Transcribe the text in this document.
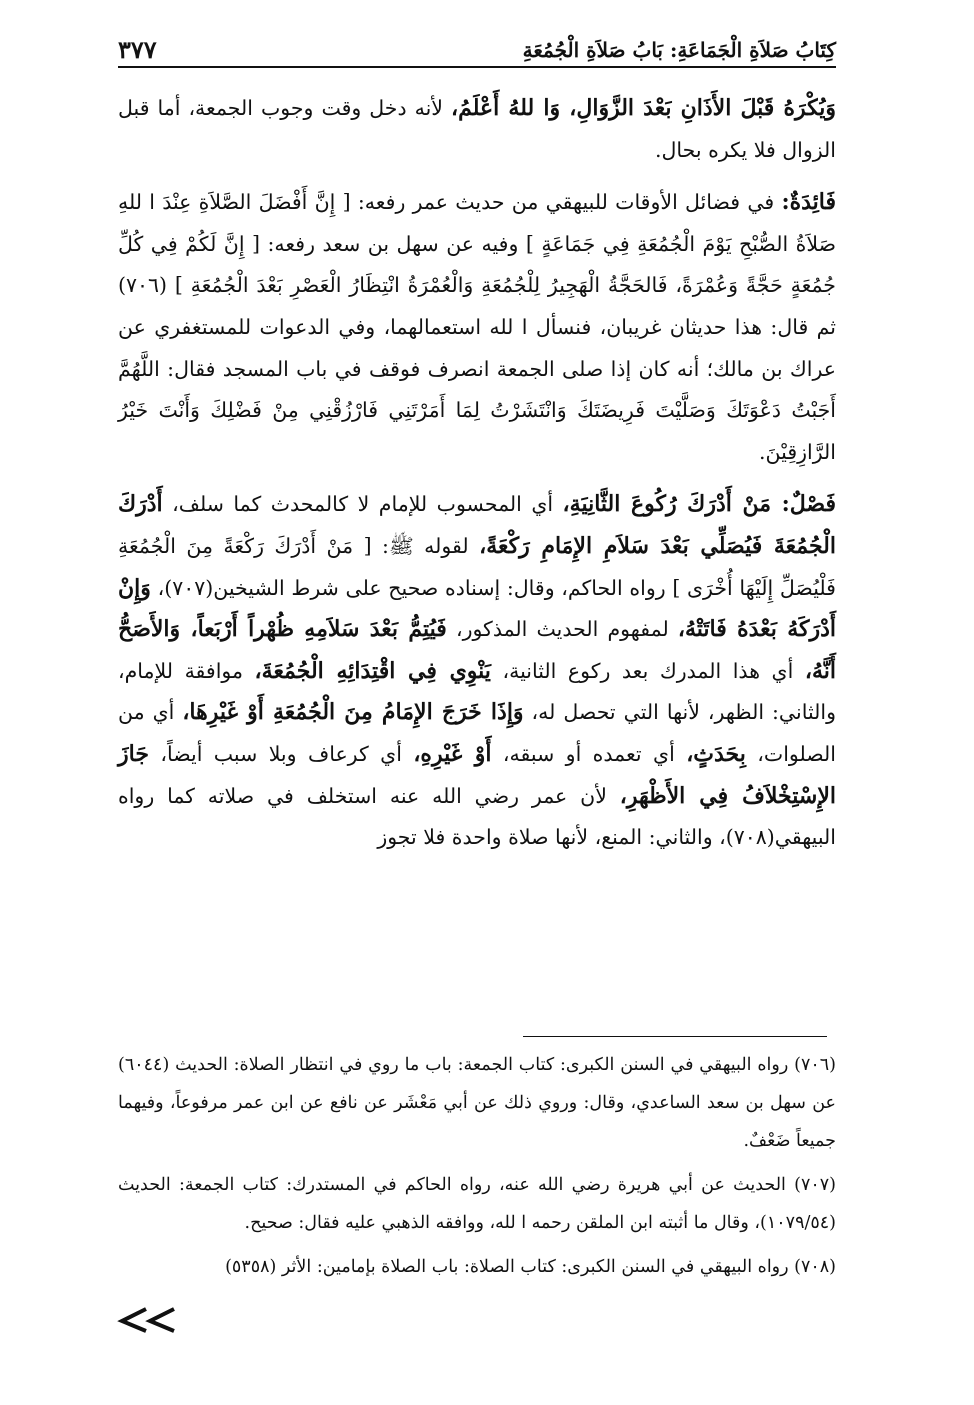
كِتَابُ صَلاَةِ الْجَمَاعَةِ: بَابُ صَلاَةِ الْجُمُعَةِ
٣٧٧

وَيُكْرَهُ قَبْلَ الأَذَانِ بَعْدَ الزَّوَالِ، وَا للهُ أَعْلَمُ، لأنه دخل وقت وجوب الجمعة، أما قبل الزوال فلا يكره بحال.

فَائِدَةٌ: في فضائل الأوقات للبيهقي من حديث عمر رفعه: [ إِنَّ أَفْضَلَ الصَّلاَةِ عِنْدَ ا للهِ صَلاَةُ الصُّبْحِ يَوْمَ الْجُمُعَةِ فِي جَمَاعَةٍ ] وفيه عن سهل بن سعد رفعه: [ إِنَّ لَكُمْ فِي كُلِّ جُمُعَةٍ حَجَّةً وَعُمْرَةً، فَالحَجَّةُ الْهَجِيرُ لِلْجُمُعَةِ وَالْعُمْرَةُ انْتِظَارُ الْعَصْرِ بَعْدَ الْجُمُعَةِ ] (٧٠٦) ثم قال: هذا حديثان غريبان، فنسأل ا لله استعمالهما، وفي الدعوات للمستغفري عن عراك بن مالك؛ أنه كان إذا صلى الجمعة انصرف فوقف في باب المسجد فقال: اللَّهُمَّ أَجَبْتُ دَعْوَتَكَ وَصَلَّيْتَ فَرِيضَتَكَ وَانْتَشَرْتُ لِمَا أَمَرْتَنِي فَارْزُقْنِي مِنْ فَضْلِكَ وَأَنْتَ خَيْرُ الرَّازِقِيْنَ.

فَصْلٌ: مَنْ أَدْرَكَ رُكُوعَ الثَّانِيَةِ، أي المحسوب للإمام لا كالمحدث كما سلف، أَدْرَكَ الْجُمُعَةَ فَيُصَلِّي بَعْدَ سَلاَمِ الإِمَامِ رَكْعَةً، لقوله ﷺ: [ مَنْ أَدْرَكَ رَكْعَةً مِنَ الْجُمُعَةِ فَلْيُصَلِّ إِلَيْهَا أُخْرَى ] رواه الحاكم، وقال: إسناده صحيح على شرط الشيخين(٧٠٧)، وَإِنْ أَدْرَكَهُ بَعْدَهُ فَاتَتْهُ، لمفهوم الحديث المذكور، فَيُتِمُّ بَعْدَ سَلاَمِهِ ظُهْراً أَرْبَعاً، وَالأَصَحُّ أَنَّهُ، أي هذا المدرك بعد ركوع الثانية، يَنْوِي فِي اقْتِدَائِهِ الْجُمُعَةَ، موافقة للإمام، والثاني: الظهر، لأنها التي تحصل له، وَإِذَا خَرَجَ الإِمَامُ مِنَ الْجُمُعَةِ أَوْ غَيْرِهَا، أي من الصلوات، بِحَدَثٍ، أي تعمده أو سبقه، أَوْ غَيْرِهِ، أي كرعاف وبلا سبب أيضاً، جَازَ الإِسْتِخْلاَفُ فِي الأَظْهَرِ، لأن عمر رضي الله عنه استخلف في صلاته كما رواه البيهقي(٧٠٨)، والثاني: المنع، لأنها صلاة واحدة فلا تجوز

(٧٠٦) رواه البيهقي في السنن الكبرى: كتاب الجمعة: باب ما روي في انتظار الصلاة: الحديث (٦٠٤٤) عن سهل بن سعد الساعدي، وقال: وروي ذلك عن أبي مَعْشَر عن نافع عن ابن عمر مرفوعاً، وفيهما جميعاً ضَعْفٌ.

(٧٠٧) الحديث عن أبي هريرة رضي الله عنه، رواه الحاكم في المستدرك: كتاب الجمعة: الحديث (١٠٧٩/٥٤)، وقال ما أثبته ابن الملقن رحمه ا لله، ووافقه الذهبي عليه فقال: صحيح.

(٧٠٨) رواه البيهقي في السنن الكبرى: كتاب الصلاة: باب الصلاة بإمامين: الأثر (٥٣٥٨)
